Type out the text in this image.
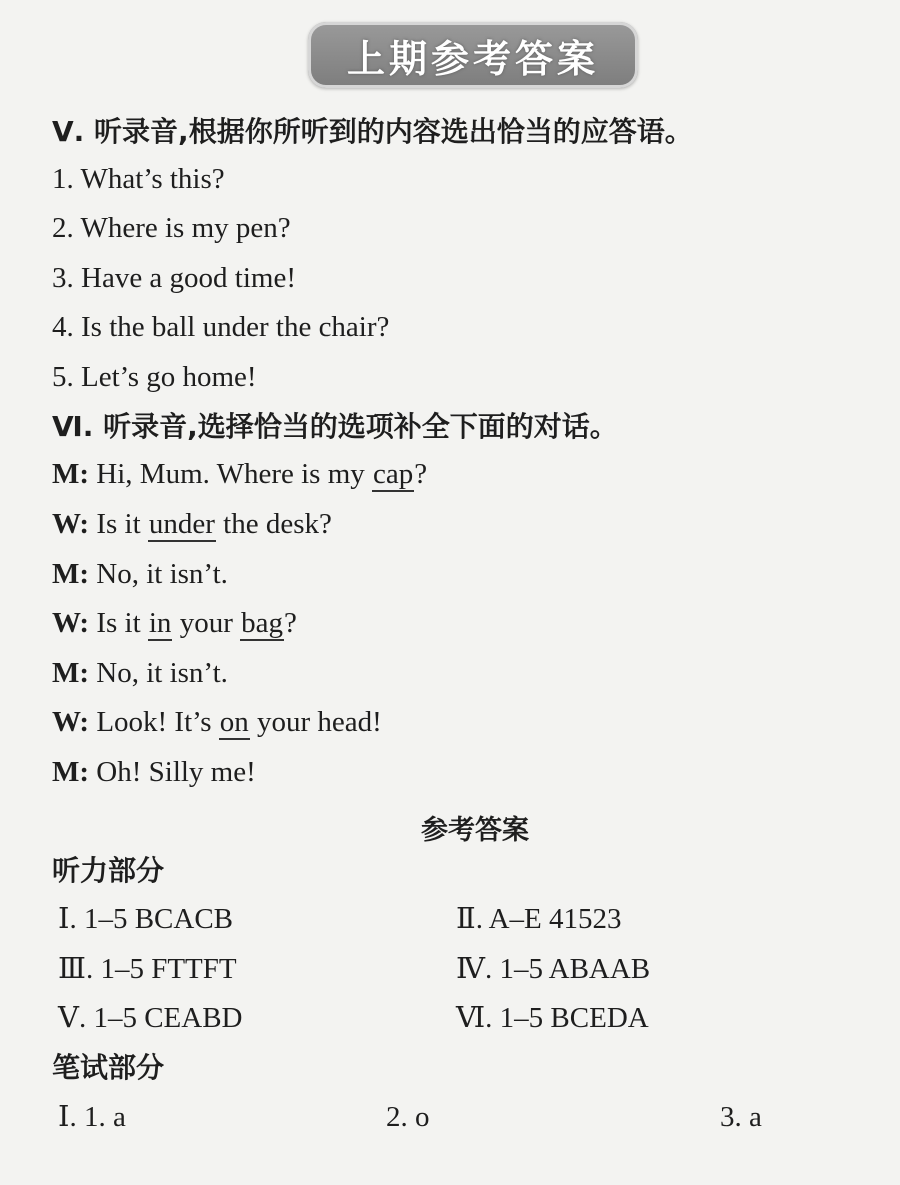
上期参考答案
Ⅴ. 听录音,根据你所听到的内容选出恰当的应答语。
1. What’s this?
2. Where is my pen?
3. Have a good time!
4. Is the ball under the chair?
5. Let’s go home!
Ⅵ. 听录音,选择恰当的选项补全下面的对话。
M: Hi, Mum. Where is my cap?
W: Is it under the desk?
M: No, it isn’t.
W: Is it in your bag?
M: No, it isn’t.
W: Look! It’s on your head!
M: Oh! Silly me!
参考答案
听力部分
Ⅰ. 1–5 BCACB	Ⅱ. A–E 41523
Ⅲ. 1–5 FTTFT	Ⅳ. 1–5 ABAAB
Ⅴ. 1–5 CEABD	Ⅵ. 1–5 BCEDA
笔试部分
Ⅰ. 1. a	2. o	3. a
